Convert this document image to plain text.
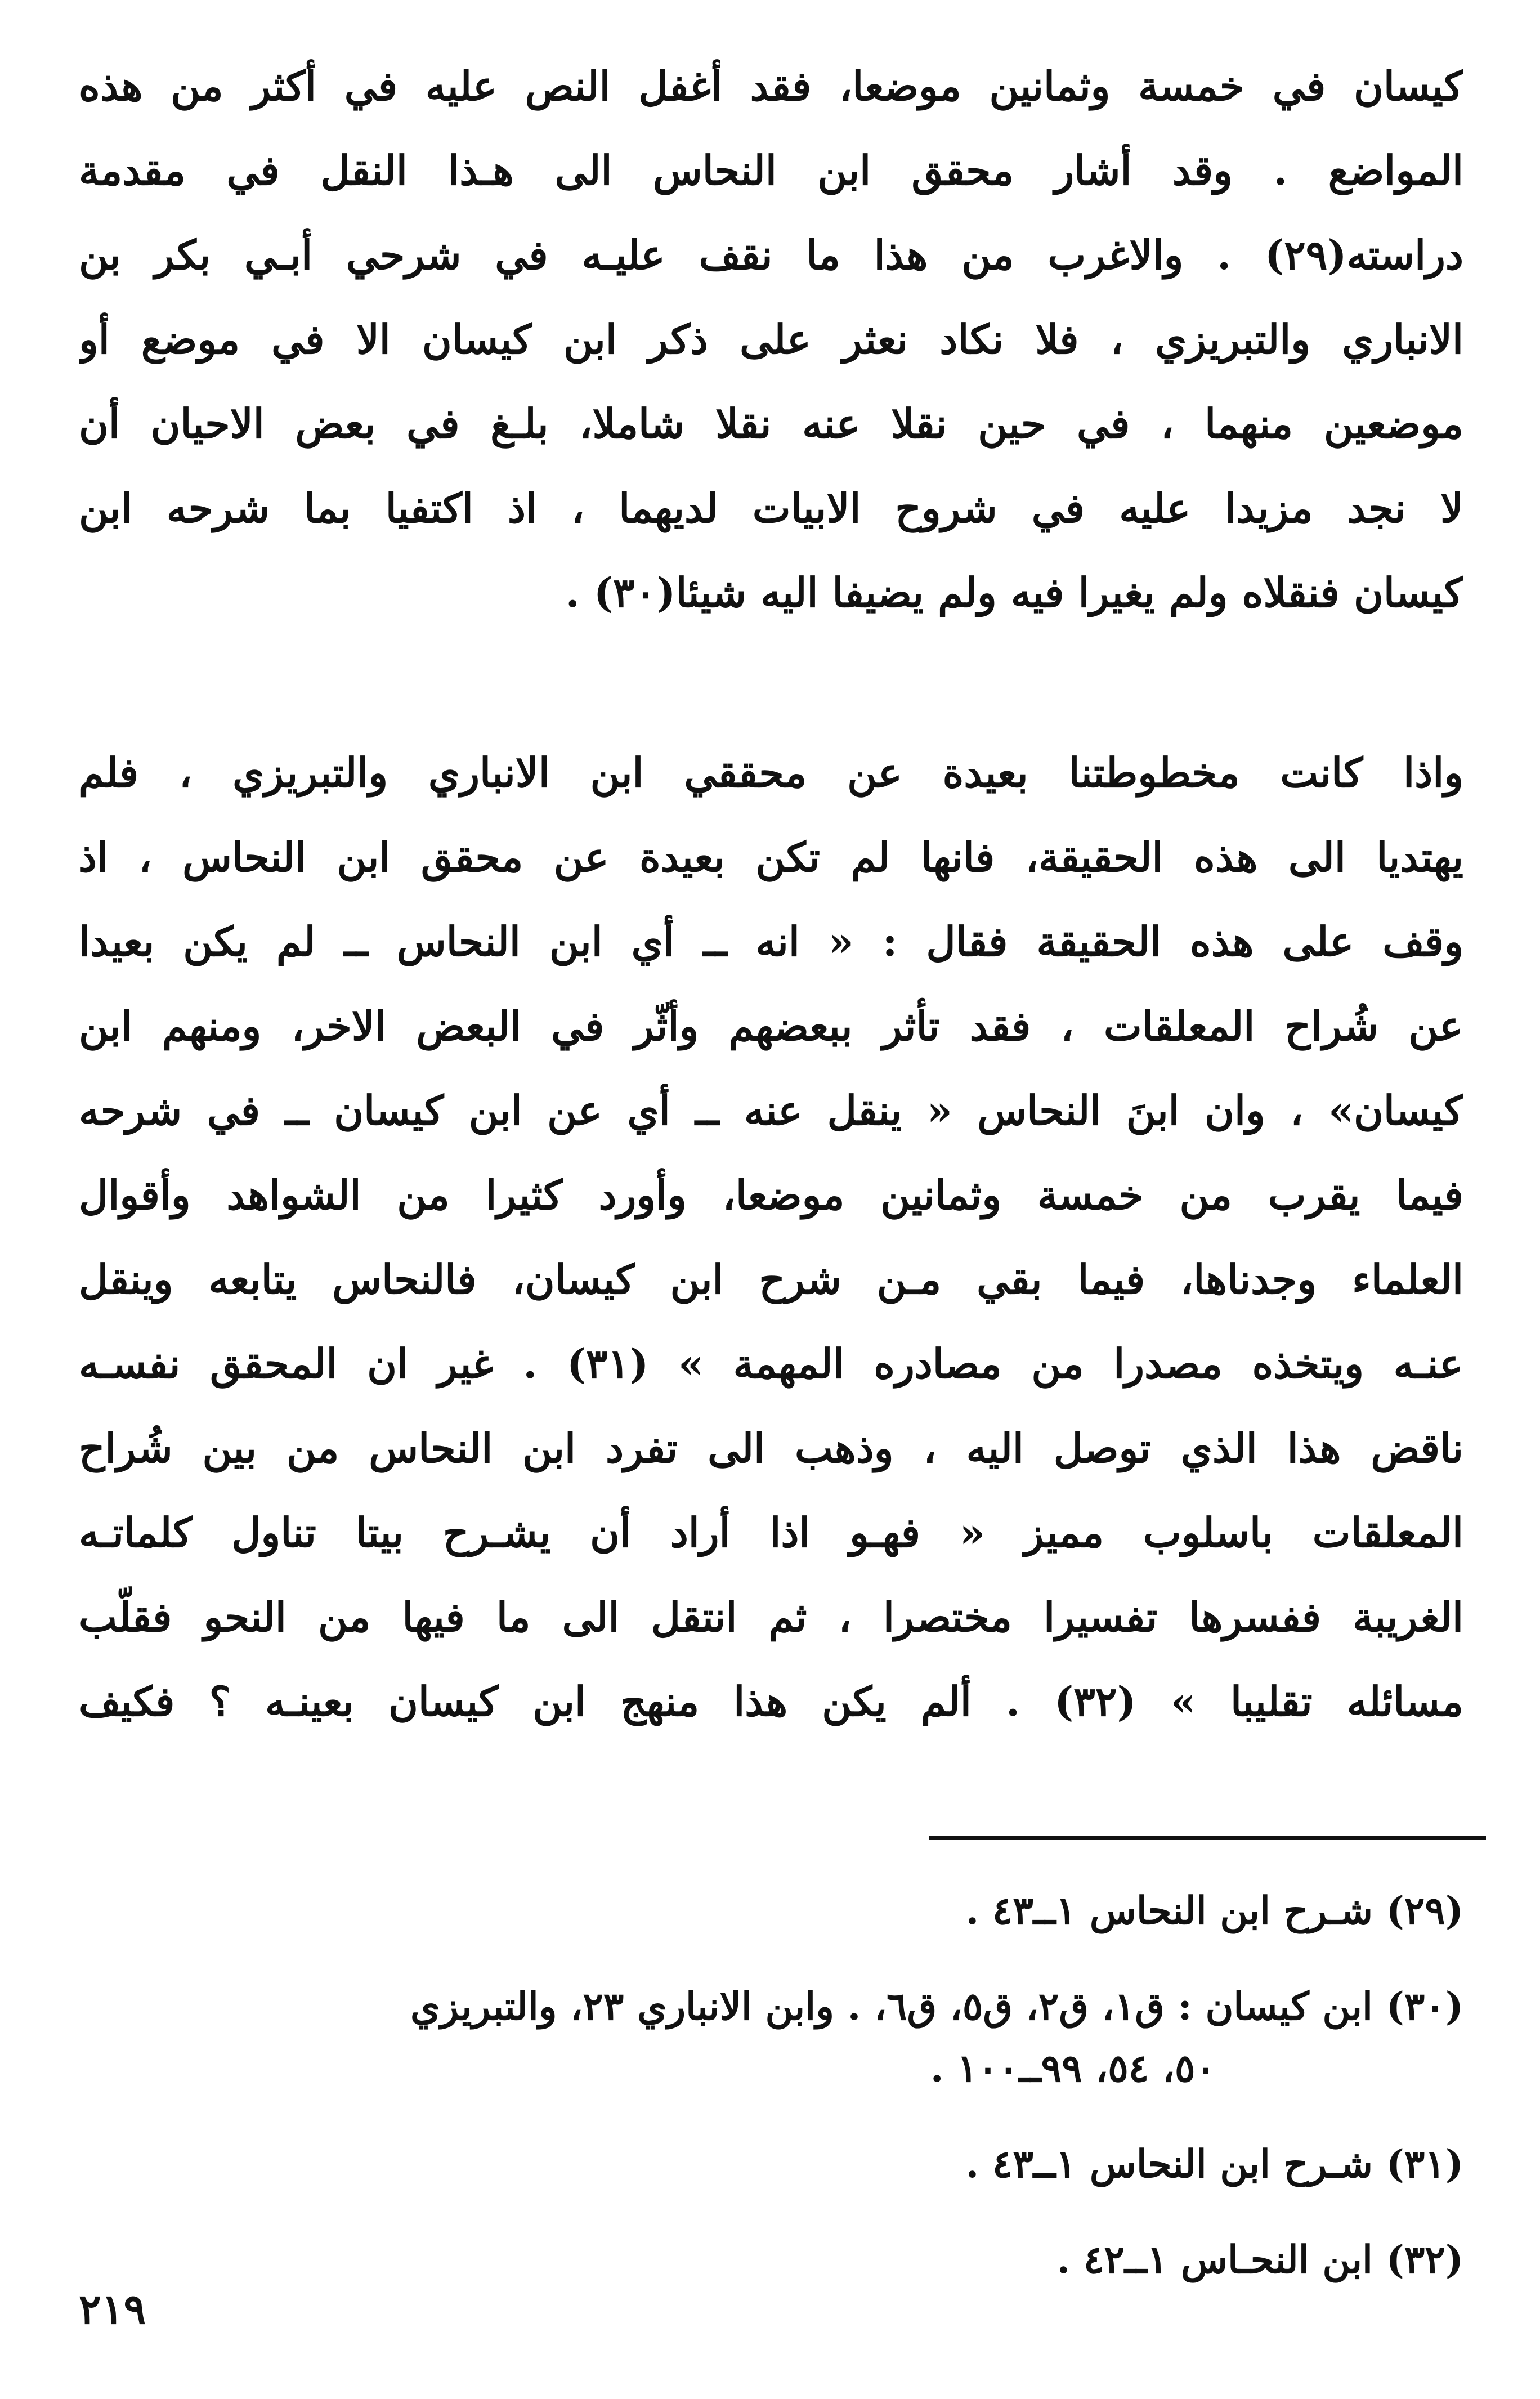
كيسان في خمسة وثمانين موضعا، فقد أغفل النص عليه في أكثر من هذه
المواضع . وقد أشار محقق ابن النحاس الى هـذا النقل في مقدمة
دراسته(٢٩) . والاغرب من هذا ما نقف عليـه في شرحي أبـي بكر بن
الانباري والتبريزي ، فلا نكاد نعثر على ذكر ابن كيسان الا في موضع أو
موضعين منهما ، في حين نقلا عنه نقلا شاملا، بلـغ في بعض الاحيان أن
لا نجد مزيدا عليه في شروح الابيات لديهما ، اذ اكتفيا بما شرحه ابن
كيسان فنقلاه ولم يغيرا فيه ولم يضيفا اليه شيئا(٣٠) .
واذا كانت مخطوطتنا بعيدة عن محققي ابن الانباري والتبريزي ، فلم
يهتديا الى هذه الحقيقة، فانها لم تكن بعيدة عن محقق ابن النحاس ، اذ
وقف على هذه الحقيقة فقال : « انه ــ أي ابن النحاس ــ لم يكن بعيدا
عن شُراح المعلقات ، فقد تأثر ببعضهم وأثّر في البعض الاخر، ومنهم ابن
كيسان» ، وان ابنَ النحاس « ينقل عنه ــ أي عن ابن كيسان ــ في شرحه
فيما يقرب من خمسة وثمانين موضعا، وأورد كثيرا من الشواهد وأقوال
العلماء وجدناها، فيما بقي مـن شرح ابن كيسان، فالنحاس يتابعه وينقل
عنـه ويتخذه مصدرا من مصادره المهمة » (٣١) . غير ان المحقق نفسـه
ناقض هذا الذي توصل اليه ، وذهب الى تفرد ابن النحاس من بين شُراح
المعلقات باسلوب مميز « فهـو اذا أراد أن يشـرح بيتا تناول كلماتـه
الغريبة ففسرها تفسيرا مختصرا ، ثم انتقل الى ما فيها من النحو فقلّب
مسائله تقليبا » (٣٢) . ألم يكن هذا منهج ابن كيسان بعينـه ؟ فكيف
(٢٩) شـرح ابن النحاس ١ــ٤٣ .
(٣٠) ابن كيسان : ق١، ق٢، ق٥، ق٦، . وابن الانباري ٢٣، والتبريزي
٥٠، ٥٤، ٩٩ــ١٠٠ .
(٣١) شـرح ابن النحاس ١ــ٤٣ .
(٣٢) ابن النحـاس ١ــ٤٢ .
٢١٩
